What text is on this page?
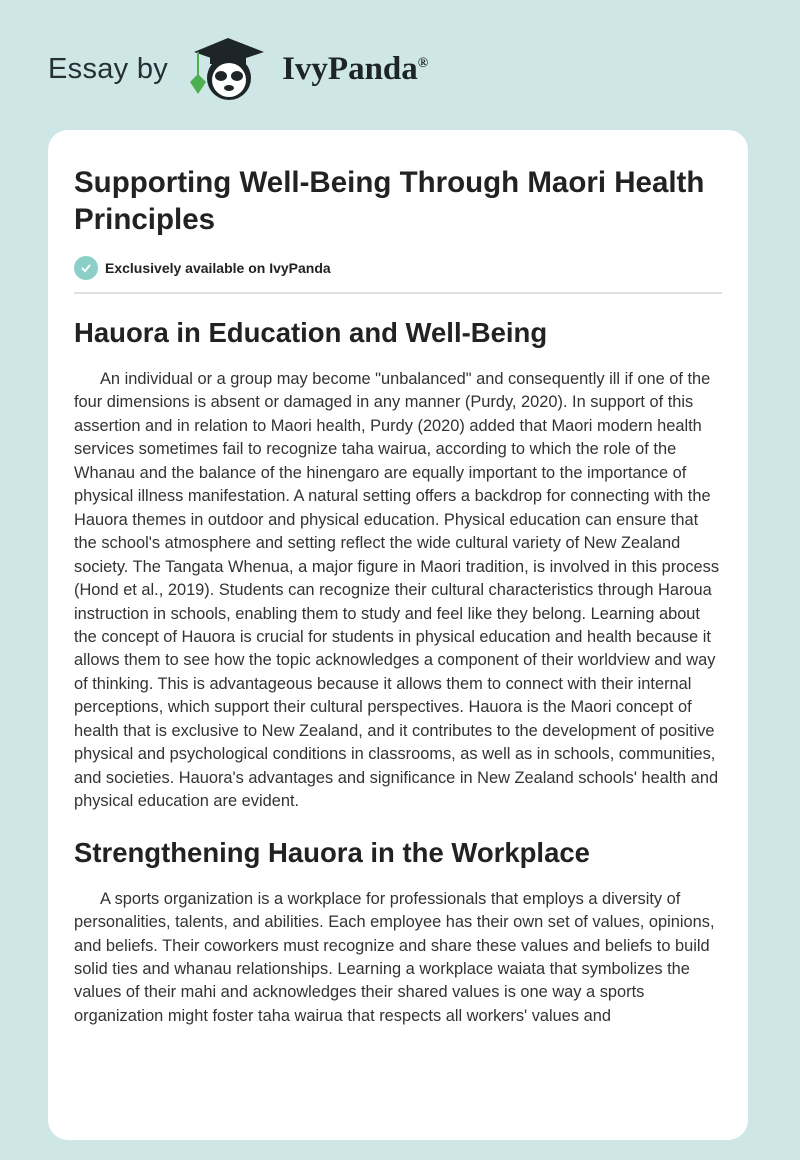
Essay by	IvyPanda®
Supporting Well-Being Through Maori Health Principles
Exclusively available on IvyPanda
Hauora in Education and Well-Being

An individual or a group may become "unbalanced" and consequently ill if one of the four dimensions is absent or damaged in any manner (Purdy, 2020). In support of this assertion and in relation to Maori health, Purdy (2020) added that Maori modern health services sometimes fail to recognize taha wairua, according to which the role of the Whanau and the balance of the hinengaro are equally important to the importance of physical illness manifestation. A natural setting offers a backdrop for connecting with the Hauora themes in outdoor and physical education. Physical education can ensure that the school's atmosphere and setting reflect the wide cultural variety of New Zealand society. The Tangata Whenua, a major figure in Maori tradition, is involved in this process (Hond et al., 2019). Students can recognize their cultural characteristics through Haroua instruction in schools, enabling them to study and feel like they belong. Learning about the concept of Hauora is crucial for students in physical education and health because it allows them to see how the topic acknowledges a component of their worldview and way of thinking. This is advantageous because it allows them to connect with their internal perceptions, which support their cultural perspectives. Hauora is the Maori concept of health that is exclusive to New Zealand, and it contributes to the development of positive physical and psychological conditions in classrooms, as well as in schools, communities, and societies. Hauora's advantages and significance in New Zealand schools' health and physical education are evident.

Strengthening Hauora in the Workplace

A sports organization is a workplace for professionals that employs a diversity of personalities, talents, and abilities. Each employee has their own set of values, opinions, and beliefs. Their coworkers must recognize and share these values and beliefs to build solid ties and whanau relationships. Learning a workplace waiata that symbolizes the values of their mahi and acknowledges their shared values is one way a sports organization might foster taha wairua that respects all workers' values and
